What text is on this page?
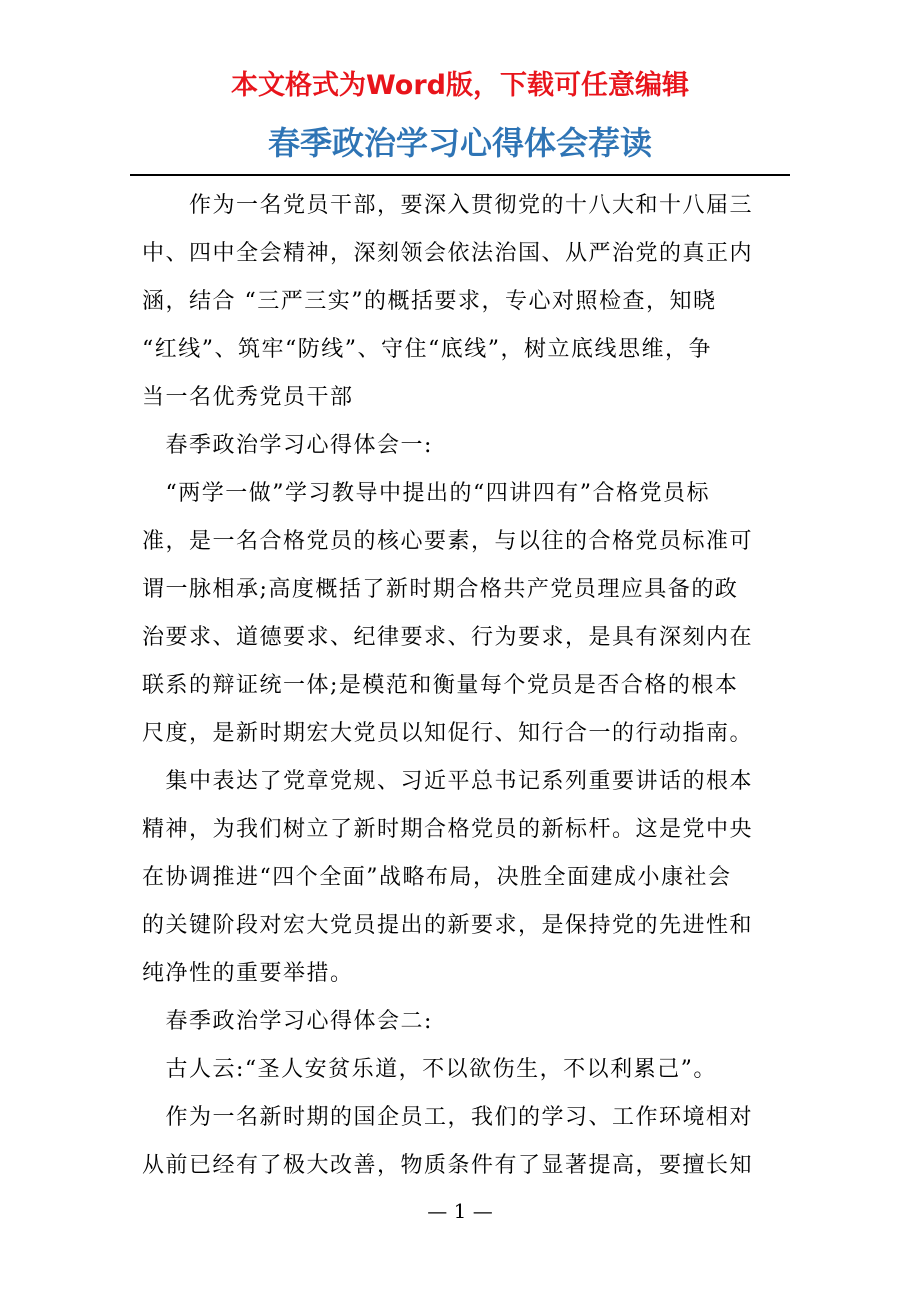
本文格式为Word版，下载可任意编辑
春季政治学习心得体会荐读

　　作为一名党员干部，要深入贯彻党的十八大和十八届三
中、四中全会精神，深刻领会依法治国、从严治党的真正内
涵，结合 “三严三实”的概括要求，专心对照检查，知晓
“红线”、筑牢“防线”、守住“底线”，树立底线思维，争
当一名优秀党员干部

　春季政治学习心得体会一:

　“两学一做”学习教导中提出的“四讲四有”合格党员标
准，是一名合格党员的核心要素，与以往的合格党员标准可
谓一脉相承;高度概括了新时期合格共产党员理应具备的政
治要求、道德要求、纪律要求、行为要求，是具有深刻内在
联系的辩证统一体;是模范和衡量每个党员是否合格的根本
尺度，是新时期宏大党员以知促行、知行合一的行动指南。

　集中表达了党章党规、习近平总书记系列重要讲话的根本
精神，为我们树立了新时期合格党员的新标杆。这是党中央
在协调推进“四个全面”战略布局，决胜全面建成小康社会
的关键阶段对宏大党员提出的新要求，是保持党的先进性和
纯净性的重要举措。

　春季政治学习心得体会二:

　古人云:“圣人安贫乐道，不以欲伤生，不以利累己”。

　作为一名新时期的国企员工，我们的学习、工作环境相对
从前已经有了极大改善，物质条件有了显著提高，要擅长知

— 1 —
